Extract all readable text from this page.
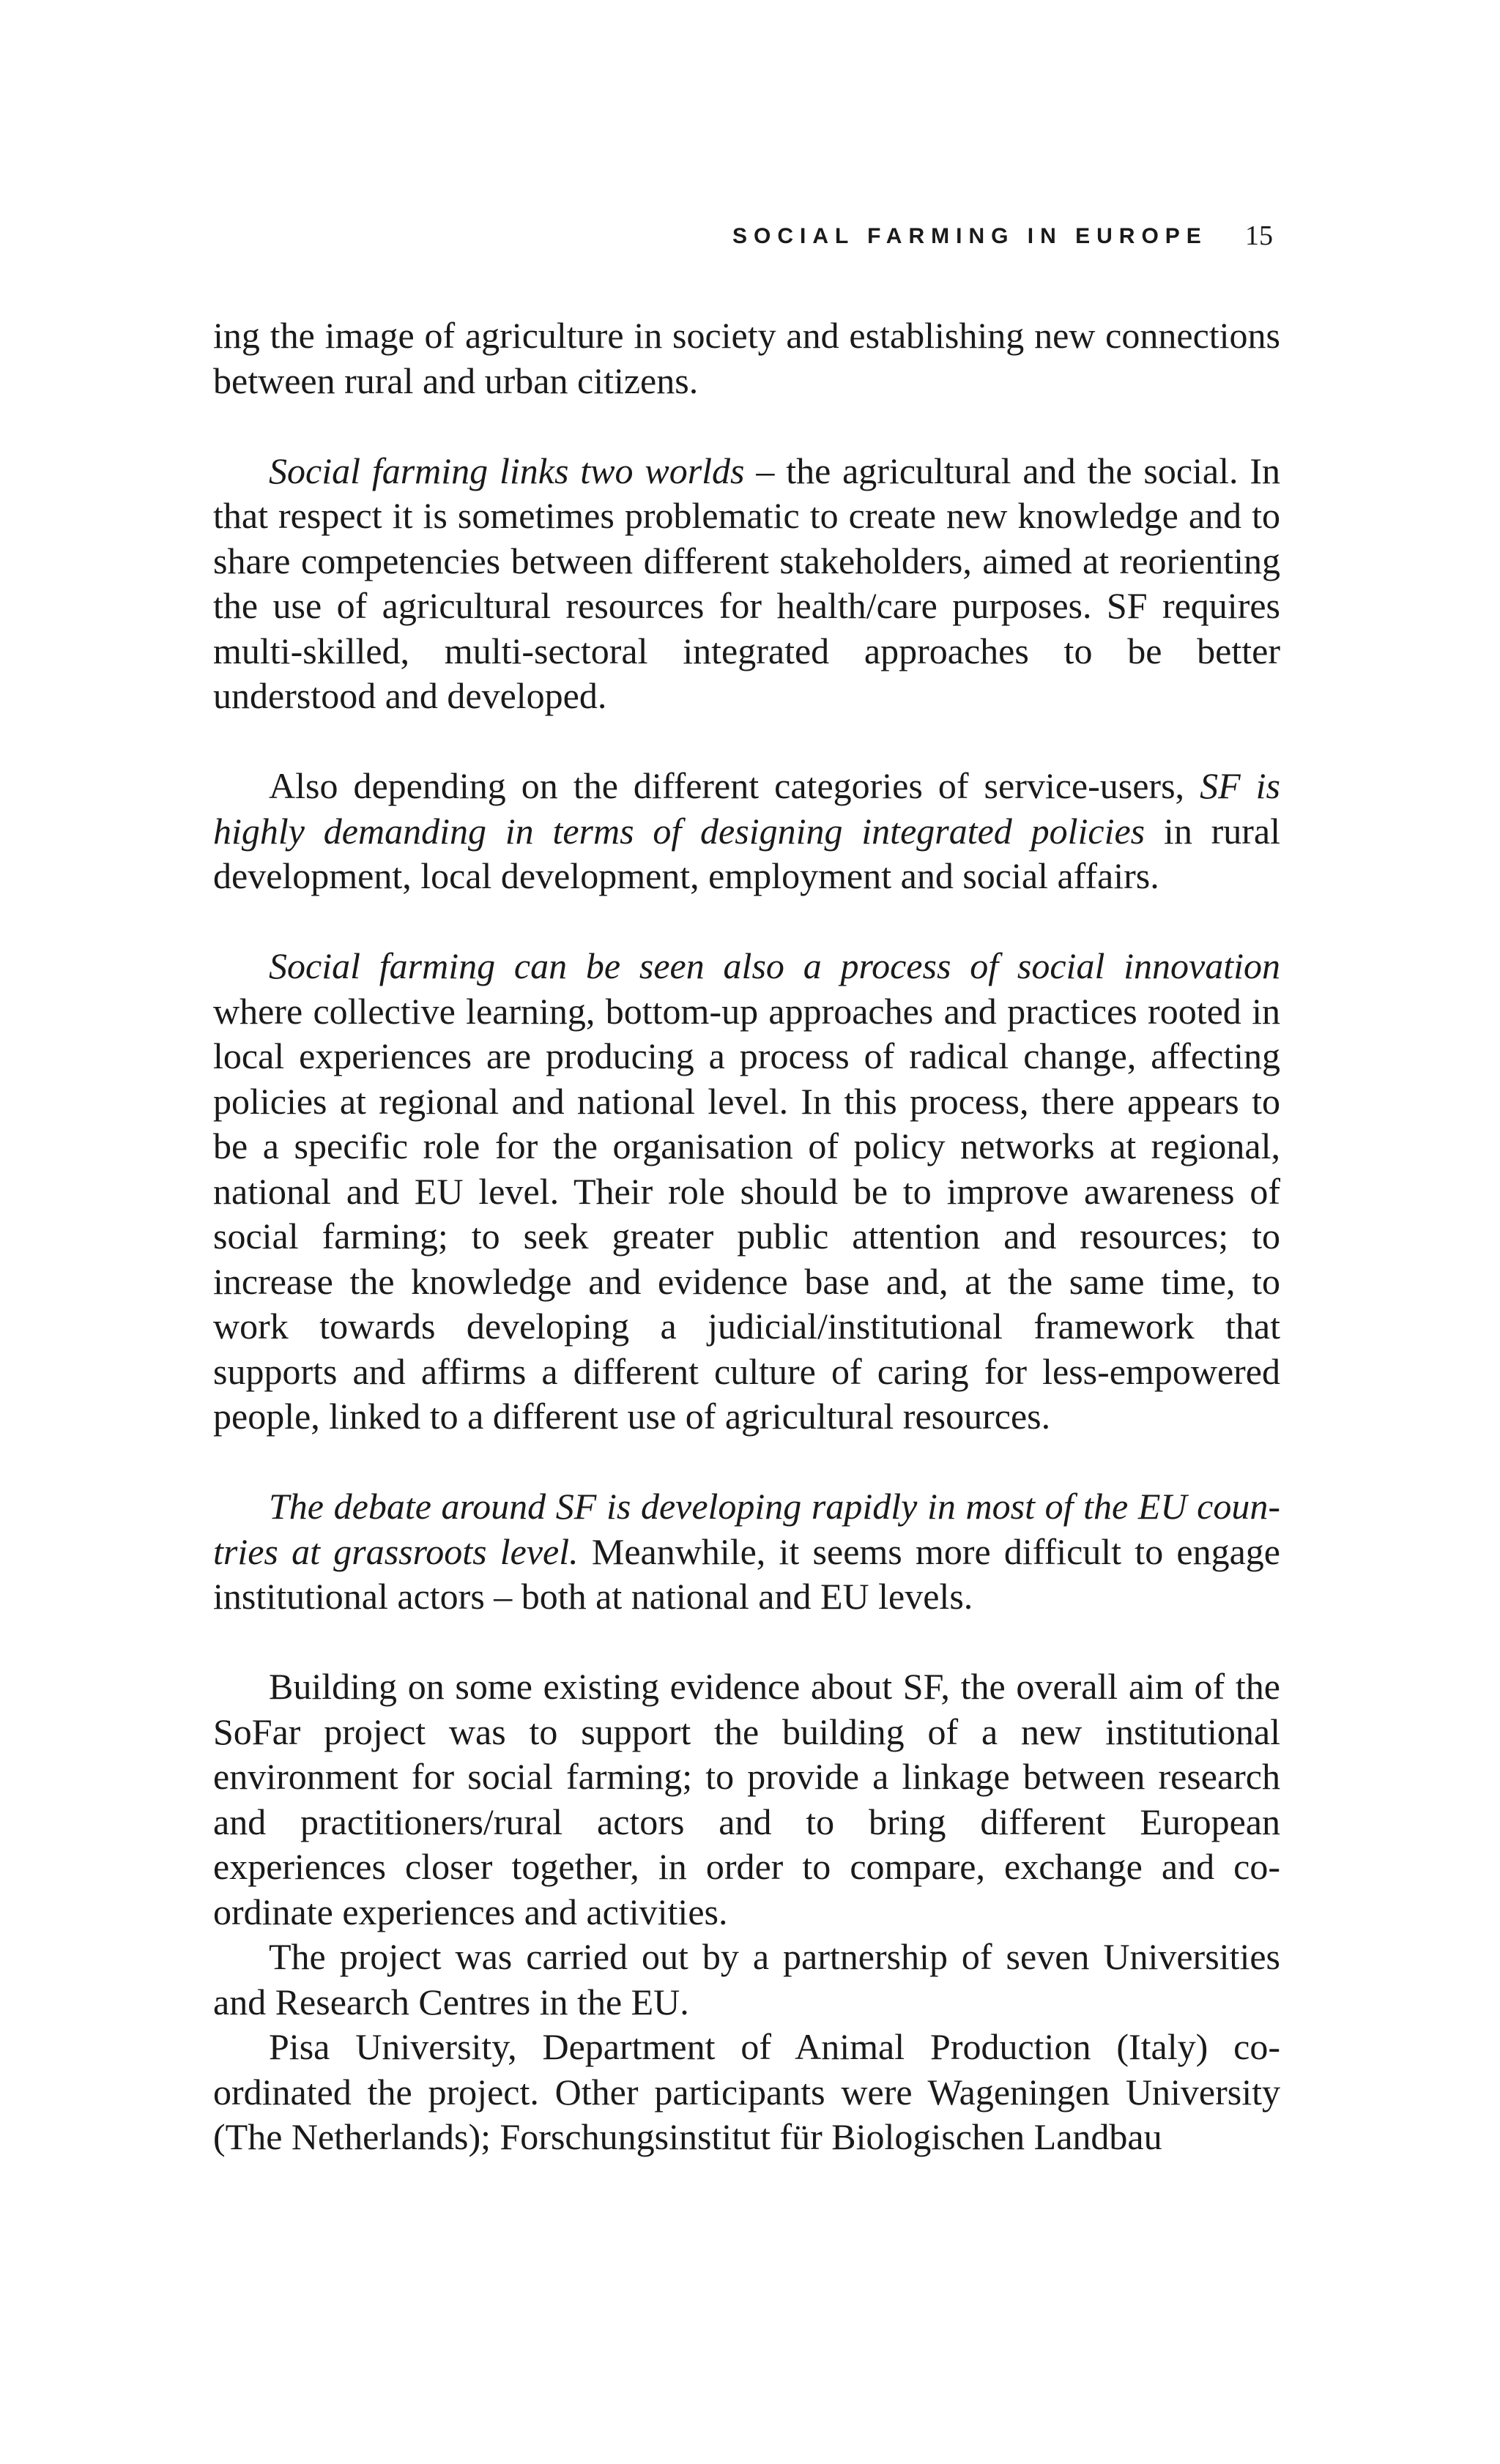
SOCIAL FARMING IN EUROPE 15

ing the image of agriculture in society and establishing new connections between rural and urban citizens.

Social farming links two worlds – the agricultural and the social. In that respect it is sometimes problematic to create new knowledge and to share competencies between different stakeholders, aimed at reorienting the use of agricultural resources for health/care purposes. SF requires multi-skilled, multi-sectoral integrated approaches to be better understood and developed.

Also depending on the different categories of service-users, SF is highly demanding in terms of designing integrated policies in rural development, local development, employment and social affairs.

Social farming can be seen also a process of social innovation where collective learning, bottom-up approaches and practices rooted in local experiences are producing a process of radical change, affecting policies at regional and national level. In this process, there appears to be a specific role for the organisation of policy networks at regional, national and EU level. Their role should be to improve awareness of social farming; to seek greater public attention and resources; to increase the knowledge and evidence base and, at the same time, to work towards developing a judicial/institutional framework that supports and affirms a different culture of caring for less-empowered people, linked to a different use of agricultural resources.

The debate around SF is developing rapidly in most of the EU countries at grassroots level. Meanwhile, it seems more difficult to engage institutional actors – both at national and EU levels.

Building on some existing evidence about SF, the overall aim of the SoFar project was to support the building of a new institutional environment for social farming; to provide a linkage between research and practitioners/rural actors and to bring different European experiences closer together, in order to compare, exchange and co-ordinate experiences and activities.

The project was carried out by a partnership of seven Universities and Research Centres in the EU.

Pisa University, Department of Animal Production (Italy) coordinated the project. Other participants were Wageningen University (The Netherlands); Forschungsinstitut für Biologischen Landbau
